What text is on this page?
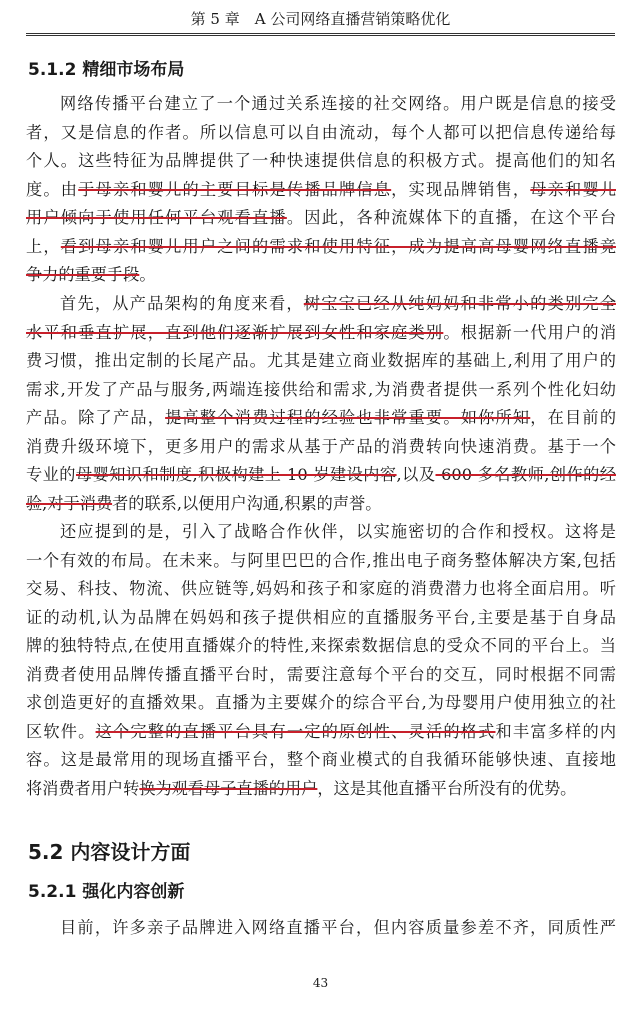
第 5 章　A 公司网络直播营销策略优化
5.1.2 精细市场布局
网络传播平台建立了一个通过关系连接的社交网络。用户既是信息的接受
者，又是信息的作者。所以信息可以自由流动，每个人都可以把信息传递给每
个人。这些特征为品牌提供了一种快速提供信息的积极方式。提高他们的知名
度。由于母亲和婴儿的主要目标是传播品牌信息，实现品牌销售，母亲和婴儿
用户倾向于使用任何平台观看直播。因此，各种流媒体下的直播，在这个平台
上，看到母亲和婴儿用户之间的需求和使用特征，成为提高高母婴网络直播竞
争力的重要手段。
首先，从产品架构的角度来看，树宝宝已经从纯妈妈和非常小的类别完全
水平和垂直扩展，直到他们逐渐扩展到女性和家庭类别。根据新一代用户的消
费习惯，推出定制的长尾产品。尤其是建立商业数据库的基础上,利用了用户的
需求,开发了产品与服务,两端连接供给和需求,为消费者提供一系列个性化妇幼
产品。除了产品，提高整个消费过程的经验也非常重要。如你所知，在目前的
消费升级环境下，更多用户的需求从基于产品的消费转向快速消费。基于一个
专业的母婴知识和制度,积极构建上 10 岁建设内容,以及 600 多名教师,创作的经
验,对于消费者的联系,以便用户沟通,积累的声誉。
还应提到的是，引入了战略合作伙伴，以实施密切的合作和授权。这将是
一个有效的布局。在未来。与阿里巴巴的合作,推出电子商务整体解决方案,包括
交易、科技、物流、供应链等,妈妈和孩子和家庭的消费潜力也将全面启用。听
证的动机,认为品牌在妈妈和孩子提供相应的直播服务平台,主要是基于自身品
牌的独特特点,在使用直播媒介的特性,来探索数据信息的受众不同的平台上。当
消费者使用品牌传播直播平台时，需要注意每个平台的交互，同时根据不同需
求创造更好的直播效果。直播为主要媒介的综合平台,为母婴用户使用独立的社
区软件。这个完整的直播平台具有一定的原创性、灵活的格式和丰富多样的内
容。这是最常用的现场直播平台，整个商业模式的自我循环能够快速、直接地
将消费者用户转换为观看母子直播的用户，这是其他直播平台所没有的优势。
5.2 内容设计方面
5.2.1 强化内容创新
目前，许多亲子品牌进入网络直播平台，但内容质量参差不齐，同质性严
43
